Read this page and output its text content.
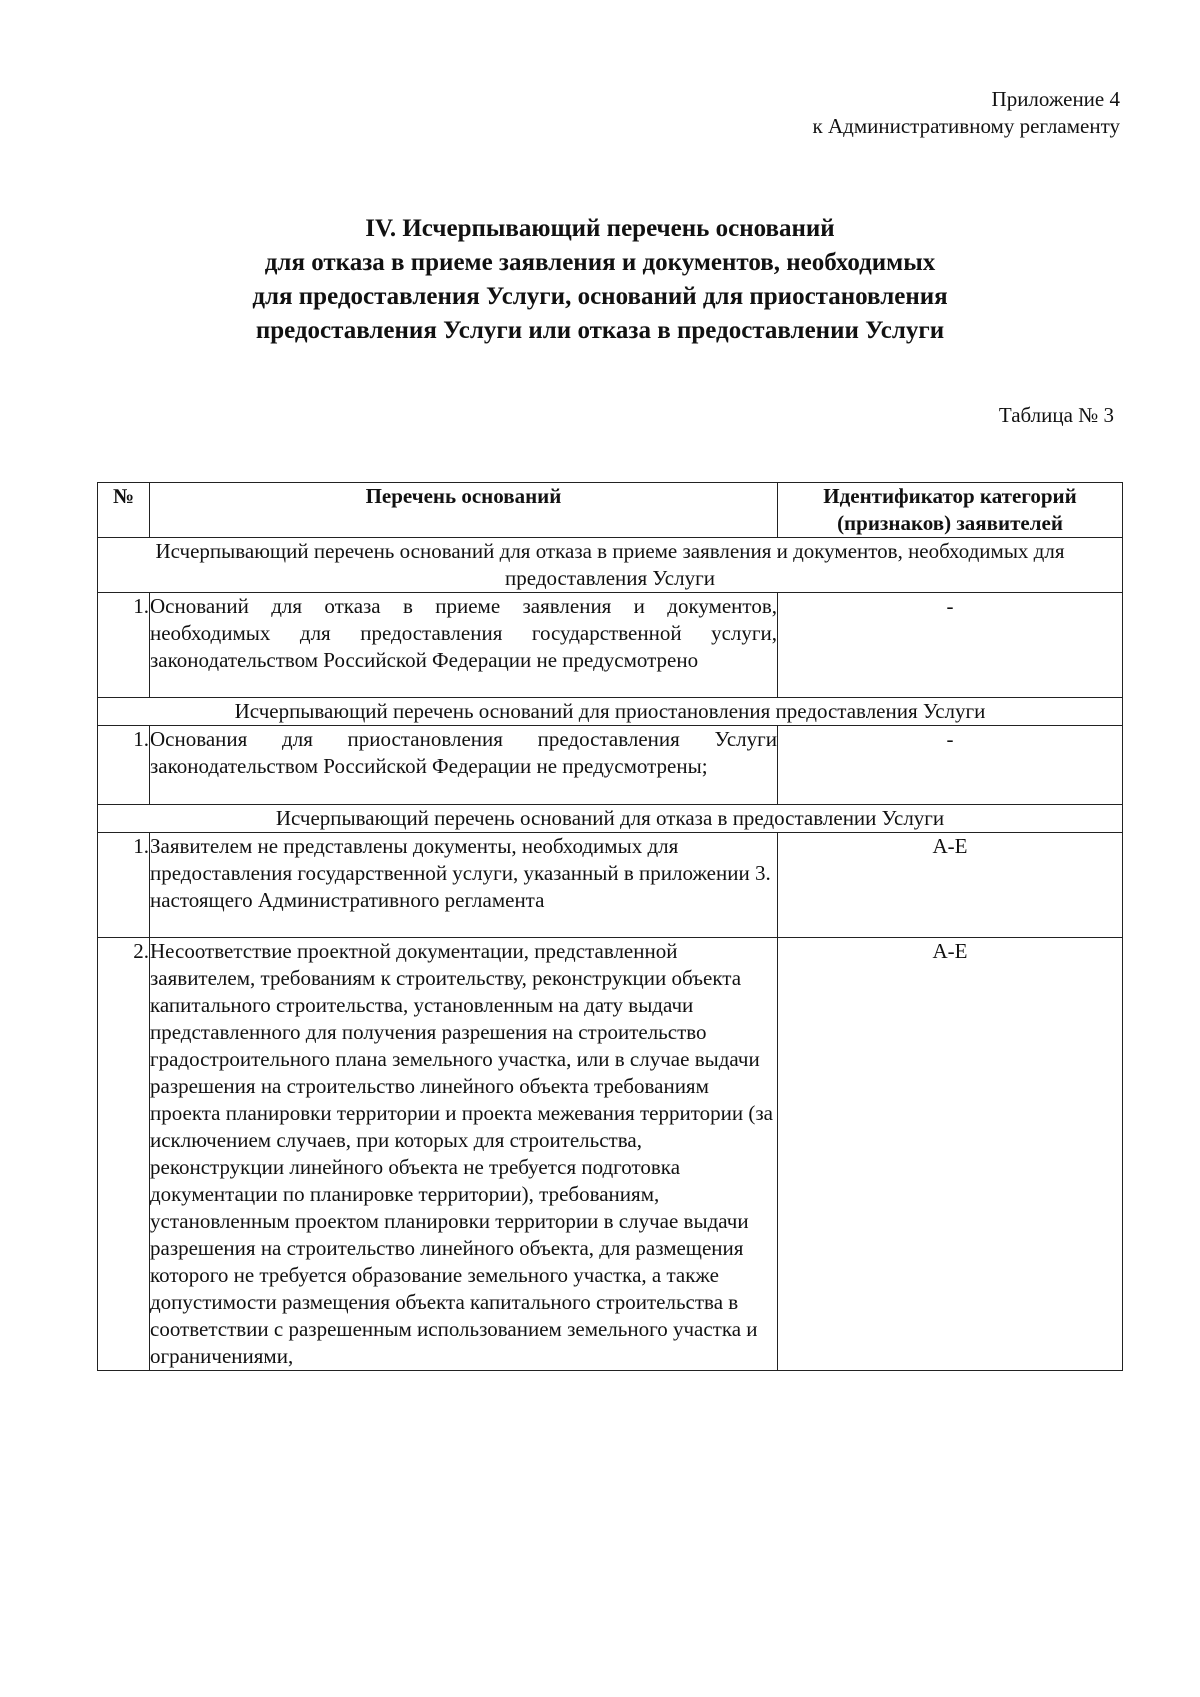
Приложение 4
к Административному регламенту
IV. Исчерпывающий перечень оснований
для отказа в приеме заявления и документов, необходимых
для предоставления Услуги, оснований для приостановления
предоставления Услуги или отказа в предоставлении Услуги
Таблица № 3
№	Перечень оснований	Идентификатор категорий (признаков) заявителей
Исчерпывающий перечень оснований для отказа в приеме заявления и документов, необходимых для предоставления Услуги		
1.	Оснований для отказа в приеме заявления и документов, необходимых для предоставления государственной услуги, законодательством Российской Федерации не предусмотрено	-
Исчерпывающий перечень оснований для приостановления предоставления Услуги		
1.	Основания для приостановления предоставления Услуги законодательством Российской Федерации не предусмотрены;	-
Исчерпывающий перечень оснований для отказа в предоставлении Услуги		
1.	Заявителем не представлены документы, необходимых для предоставления государственной услуги, указанный в приложении 3. настоящего Административного регламента	А-Е
2.	Несоответствие проектной документации, представленной заявителем, требованиям к строительству, реконструкции объекта капитального строительства, установленным на дату выдачи представленного для получения разрешения на строительство градостроительного плана земельного участка, или в случае выдачи разрешения на строительство линейного объекта требованиям проекта планировки территории и проекта межевания территории (за исключением случаев, при которых для строительства, реконструкции линейного объекта не требуется подготовка документации по планировке территории), требованиям, установленным проектом планировки территории в случае выдачи разрешения на строительство линейного объекта, для размещения которого не требуется образование земельного участка, а также допустимости размещения объекта капитального строительства в соответствии с разрешенным использованием земельного участка и ограничениями,	А-Е
